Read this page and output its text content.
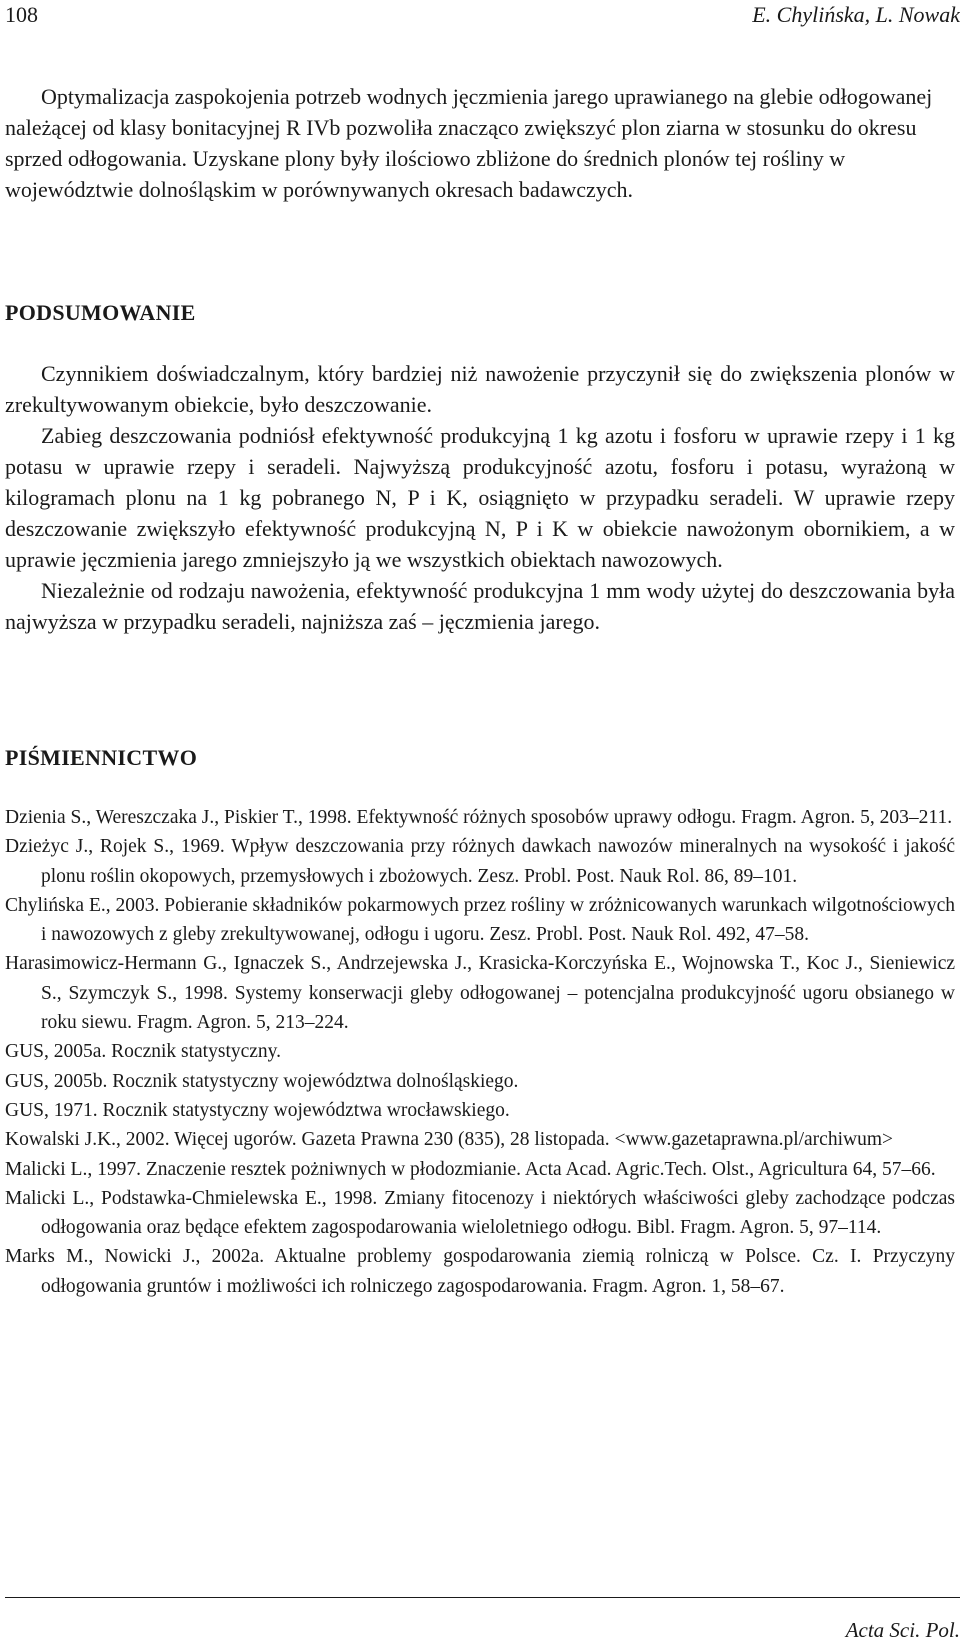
108	E. Chylińska, L. Nowak

Optymalizacja zaspokojenia potrzeb wodnych jęczmienia jarego uprawianego na glebie odłogowanej należącej od klasy bonitacyjnej R IVb pozwoliła znacząco zwiększyć plon ziarna w stosunku do okresu sprzed odłogowania. Uzyskane plony były ilościowo zbliżone do średnich plonów tej rośliny w województwie dolnośląskim w porównywanych okresach badawczych.

PODSUMOWANIE

Czynnikiem doświadczalnym, który bardziej niż nawożenie przyczynił się do zwiększenia plonów w zrekultywowanym obiekcie, było deszczowanie.

Zabieg deszczowania podniósł efektywność produkcyjną 1 kg azotu i fosforu w uprawie rzepy i 1 kg potasu w uprawie rzepy i seradeli. Najwyższą produkcyjność azotu, fosforu i potasu, wyrażoną w kilogramach plonu na 1 kg pobranego N, P i K, osiągnięto w przypadku seradeli. W uprawie rzepy deszczowanie zwiększyło efektywność produkcyjną N, P i K w obiekcie nawożonym obornikiem, a w uprawie jęczmienia jarego zmniejszyło ją we wszystkich obiektach nawozowych.

Niezależnie od rodzaju nawożenia, efektywność produkcyjna 1 mm wody użytej do deszczowania była najwyższa w przypadku seradeli, najniższa zaś – jęczmienia jarego.

PIŚMIENNICTWO

Dzienia S., Wereszczaka J., Piskier T., 1998. Efektywność różnych sposobów uprawy odłogu. Fragm. Agron. 5, 203–211.

Dzieżyc J., Rojek S., 1969. Wpływ deszczowania przy różnych dawkach nawozów mineralnych na wysokość i jakość plonu roślin okopowych, przemysłowych i zbożowych. Zesz. Probl. Post. Nauk Rol. 86, 89–101.

Chylińska E., 2003. Pobieranie składników pokarmowych przez rośliny w zróżnicowanych warunkach wilgotnościowych i nawozowych z gleby zrekultywowanej, odłogu i ugoru. Zesz. Probl. Post. Nauk Rol. 492, 47–58.

Harasimowicz-Hermann G., Ignaczek S., Andrzejewska J., Krasicka-Korczyńska E., Wojnowska T., Koc J., Sieniewicz S., Szymczyk S., 1998. Systemy konserwacji gleby odłogowanej – potencjalna produkcyjność ugoru obsianego w roku siewu. Fragm. Agron. 5, 213–224.

GUS, 2005a. Rocznik statystyczny.

GUS, 2005b. Rocznik statystyczny województwa dolnośląskiego.

GUS, 1971. Rocznik statystyczny województwa wrocławskiego.

Kowalski J.K., 2002. Więcej ugorów. Gazeta Prawna 230 (835), 28 listopada. <www.gazetaprawna.pl/archiwum>

Malicki L., 1997. Znaczenie resztek pożniwnych w płodozmianie. Acta Acad. Agric.Tech. Olst., Agricultura 64, 57–66.

Malicki L., Podstawka-Chmielewska E., 1998. Zmiany fitocenozy i niektórych właściwości gleby zachodzące podczas odłogowania oraz będące efektem zagospodarowania wieloletniego odłogu. Bibl. Fragm. Agron. 5, 97–114.

Marks M., Nowicki J., 2002a. Aktualne problemy gospodarowania ziemią rolniczą w Polsce. Cz. I. Przyczyny odłogowania gruntów i możliwości ich rolniczego zagospodarowania. Fragm. Agron. 1, 58–67.

Acta Sci. Pol.
